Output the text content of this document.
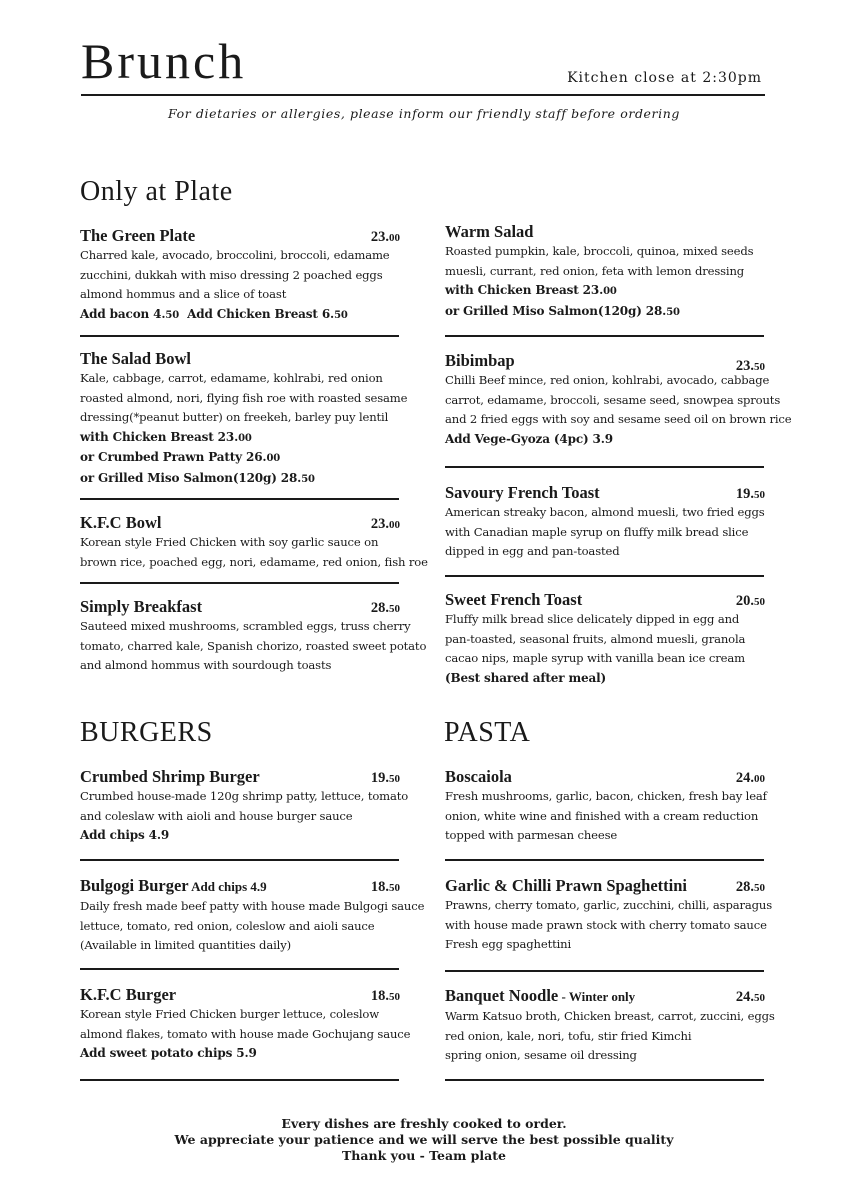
Brunch	Kitchen close at 2:30pm
For dietaries or allergies, please inform our friendly staff before ordering
Only at Plate
BURGERS	PASTA
The Green Plate	23.00
Charred kale, avocado, broccolini, broccoli, edamame
zucchini, dukkah with miso dressing 2 poached eggs
almond hommus and a slice of toast
Add bacon 4.50  Add Chicken Breast 6.50
The Salad Bowl
Kale, cabbage, carrot, edamame, kohlrabi, red onion
roasted almond, nori, flying fish roe with roasted sesame
dressing(*peanut butter) on freekeh, barley puy lentil
with Chicken Breast 23.00
or Crumbed Prawn Patty 26.00
or Grilled Miso Salmon(120g) 28.50
K.F.C Bowl	23.00
Korean style Fried Chicken with soy garlic sauce on
brown rice, poached egg, nori, edamame, red onion, fish roe
Simply Breakfast	28.50
Sauteed mixed mushrooms, scrambled eggs, truss cherry
tomato, charred kale, Spanish chorizo, roasted sweet potato
and almond hommus with sourdough toasts
Warm Salad
Roasted pumpkin, kale, broccoli, quinoa, mixed seeds
muesli, currant, red onion, feta with lemon dressing
with Chicken Breast 23.00
or Grilled Miso Salmon(120g) 28.50
Bibimbap	23.50
Chilli Beef mince, red onion, kohlrabi, avocado, cabbage
carrot, edamame, broccoli, sesame seed, snowpea sprouts
and 2 fried eggs with soy and sesame seed oil on brown rice
Add Vege-Gyoza (4pc) 3.9
Savoury French Toast	19.50
American streaky bacon, almond muesli, two fried eggs
with Canadian maple syrup on fluffy milk bread slice
dipped in egg and pan-toasted
Sweet French Toast	20.50
Fluffy milk bread slice delicately dipped in egg and
pan-toasted, seasonal fruits, almond muesli, granola
cacao nips, maple syrup with vanilla bean ice cream
(Best shared after meal)
Crumbed Shrimp Burger	19.50
Crumbed house-made 120g shrimp patty, lettuce, tomato
and coleslaw with aioli and house burger sauce
Add chips 4.9
Bulgogi Burger Add chips 4.9	18.50
Daily fresh made beef patty with house made Bulgogi sauce
lettuce, tomato, red onion, coleslow and aioli sauce
(Available in limited quantities daily)
K.F.C Burger	18.50
Korean style Fried Chicken burger lettuce, coleslow
almond flakes, tomato with house made Gochujang sauce
Add sweet potato chips 5.9
Boscaiola	24.00
Fresh mushrooms, garlic, bacon, chicken, fresh bay leaf
onion, white wine and finished with a cream reduction
topped with parmesan cheese
Garlic & Chilli Prawn Spaghettini	28.50
Prawns, cherry tomato, garlic, zucchini, chilli, asparagus
with house made prawn stock with cherry tomato sauce
Fresh egg spaghettini
Banquet Noodle - Winter only	24.50
Warm Katsuo broth, Chicken breast, carrot, zuccini, eggs
red onion, kale, nori, tofu, stir fried Kimchi
spring onion, sesame oil dressing
Every dishes are freshly cooked to order.
We appreciate your patience and we will serve the best possible quality
Thank you - Team plate
